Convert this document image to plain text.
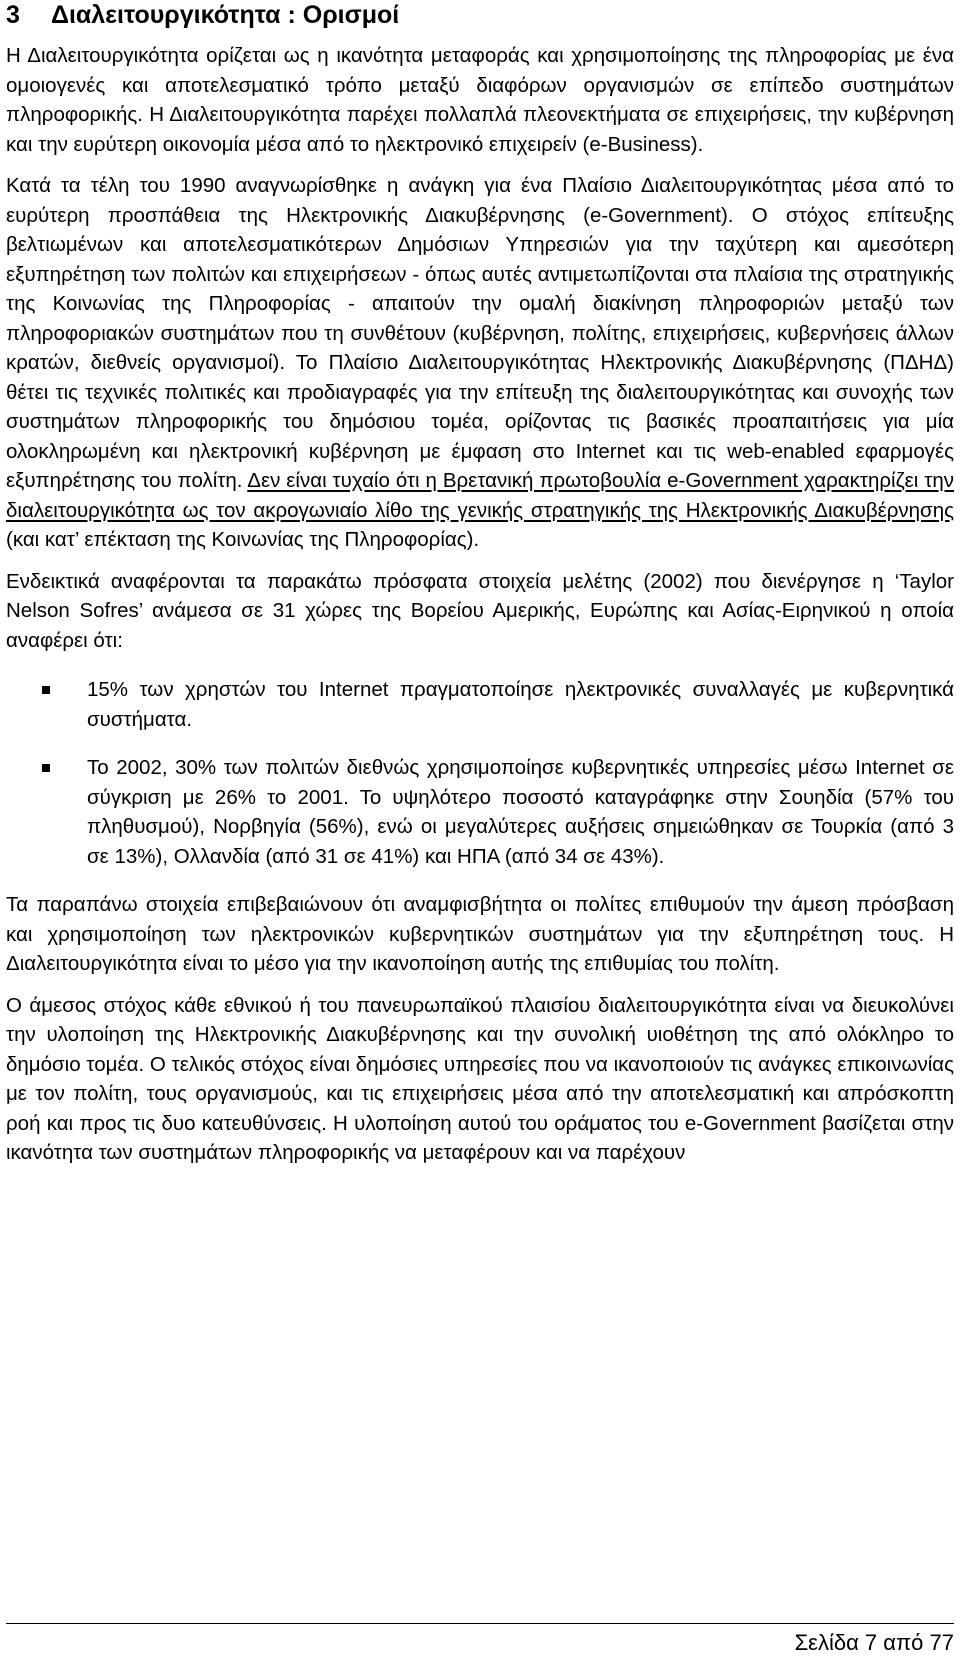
3	Διαλειτουργικότητα : Ορισμοί

Η Διαλειτουργικότητα ορίζεται ως η ικανότητα μεταφοράς και χρησιμοποίησης της πληροφορίας με ένα ομοιογενές και αποτελεσματικό τρόπο μεταξύ διαφόρων οργανισμών σε επίπεδο συστημάτων πληροφορικής. Η Διαλειτουργικότητα παρέχει πολλαπλά πλεονεκτήματα σε επιχειρήσεις, την κυβέρνηση και την ευρύτερη οικονομία μέσα από το ηλεκτρονικό επιχειρείν (e-Business).

Κατά τα τέλη του 1990 αναγνωρίσθηκε η ανάγκη για ένα Πλαίσιο Διαλειτουργικότητας μέσα από το ευρύτερη προσπάθεια της Ηλεκτρονικής Διακυβέρνησης (e-Government). Ο στόχος επίτευξης βελτιωμένων και αποτελεσματικότερων Δημόσιων Υπηρεσιών για την ταχύτερη και αμεσότερη εξυπηρέτηση των πολιτών και επιχειρήσεων - όπως αυτές αντιμετωπίζονται στα πλαίσια της στρατηγικής της Κοινωνίας της Πληροφορίας - απαιτούν την ομαλή διακίνηση πληροφοριών μεταξύ των πληροφοριακών συστημάτων που τη συνθέτουν (κυβέρνηση, πολίτης, επιχειρήσεις, κυβερνήσεις άλλων κρατών, διεθνείς οργανισμοί). Το Πλαίσιο Διαλειτουργικότητας Ηλεκτρονικής Διακυβέρνησης (ΠΔΗΔ) θέτει τις τεχνικές πολιτικές και προδιαγραφές για την επίτευξη της διαλειτουργικότητας και συνοχής των συστημάτων πληροφορικής του δημόσιου τομέα, ορίζοντας τις βασικές προαπαιτήσεις για μία ολοκληρωμένη και ηλεκτρονική κυβέρνηση με έμφαση στο Internet και τις web-enabled εφαρμογές εξυπηρέτησης του πολίτη. Δεν είναι τυχαίο ότι η Βρετανική πρωτοβουλία e-Government χαρακτηρίζει την διαλειτουργικότητα ως τον ακρογωνιαίο λίθο της γενικής στρατηγικής της Ηλεκτρονικής Διακυβέρνησης (και κατ’ επέκταση της Κοινωνίας της Πληροφορίας).

Ενδεικτικά αναφέρονται τα παρακάτω πρόσφατα στοιχεία μελέτης (2002) που διενέργησε η ‘Taylor Nelson Sofres’ ανάμεσα σε 31 χώρες της Βορείου Αμερικής, Ευρώπης και Ασίας-Ειρηνικού η οποία αναφέρει ότι:

15% των χρηστών του Internet πραγματοποίησε ηλεκτρονικές συναλλαγές με κυβερνητικά συστήματα.
Το 2002, 30% των πολιτών διεθνώς χρησιμοποίησε κυβερνητικές υπηρεσίες μέσω Internet σε σύγκριση με 26% το 2001. Το υψηλότερο ποσοστό καταγράφηκε στην Σουηδία (57% του πληθυσμού), Νορβηγία (56%), ενώ οι μεγαλύτερες αυξήσεις σημειώθηκαν σε Τουρκία (από 3 σε 13%), Ολλανδία (από 31 σε 41%) και ΗΠΑ (από 34 σε 43%).

Τα παραπάνω στοιχεία επιβεβαιώνουν ότι αναμφισβήτητα οι πολίτες επιθυμούν την άμεση πρόσβαση και χρησιμοποίηση των ηλεκτρονικών κυβερνητικών συστημάτων για την εξυπηρέτηση τους. Η Διαλειτουργικότητα είναι το μέσο για την ικανοποίηση αυτής της επιθυμίας του πολίτη.

Ο άμεσος στόχος κάθε εθνικού ή του πανευρωπαϊκού πλαισίου διαλειτουργικότητα είναι να διευκολύνει την υλοποίηση της Ηλεκτρονικής Διακυβέρνησης και την συνολική υιοθέτηση της από ολόκληρο το δημόσιο τομέα. Ο τελικός στόχος είναι δημόσιες υπηρεσίες που να ικανοποιούν τις ανάγκες επικοινωνίας με τον πολίτη, τους οργανισμούς, και τις επιχειρήσεις μέσα από την αποτελεσματική και απρόσκοπτη ροή και προς τις δυο κατευθύνσεις. Η υλοποίηση αυτού του οράματος του e-Government βασίζεται στην ικανότητα των συστημάτων πληροφορικής να μεταφέρουν και να παρέχουν

Σελίδα 7 από 77
